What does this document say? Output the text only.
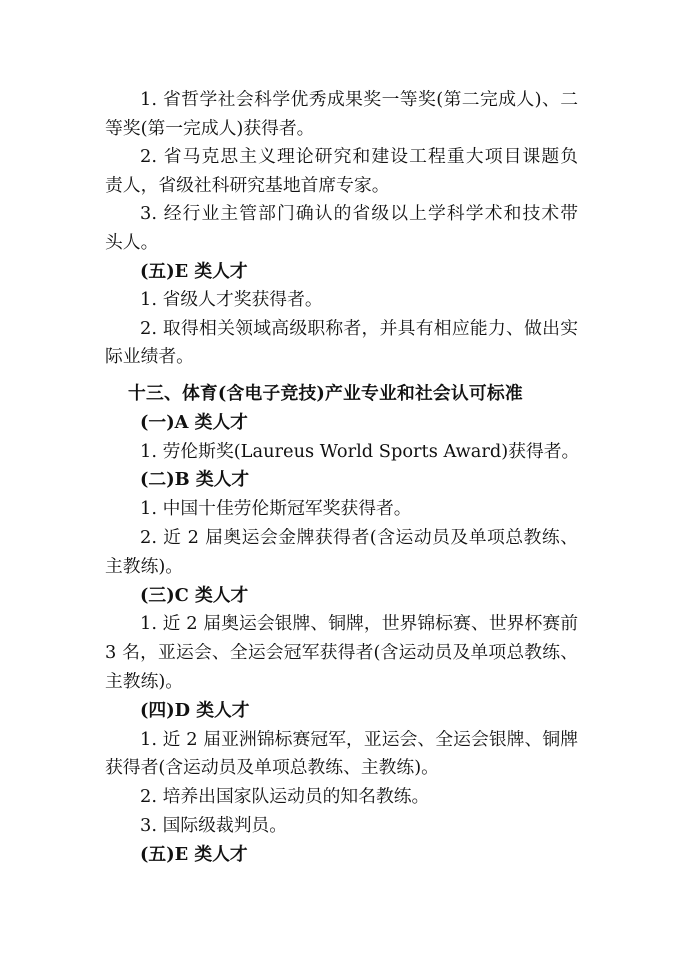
1. 省哲学社会科学优秀成果奖一等奖(第二完成人)、二
等奖(第一完成人)获得者。
2. 省马克思主义理论研究和建设工程重大项目课题负
责人，省级社科研究基地首席专家。
3. 经行业主管部门确认的省级以上学科学术和技术带
头人。
(五)E 类人才
1. 省级人才奖获得者。
2. 取得相关领域高级职称者，并具有相应能力、做出实
际业绩者。
十三、体育(含电子竞技)产业专业和社会认可标准
(一)A 类人才
1. 劳伦斯奖(Laureus World Sports Award)获得者。
(二)B 类人才
1. 中国十佳劳伦斯冠军奖获得者。
2. 近 2 届奥运会金牌获得者(含运动员及单项总教练、
主教练)。
(三)C 类人才
1. 近 2 届奥运会银牌、铜牌，世界锦标赛、世界杯赛前
3 名，亚运会、全运会冠军获得者(含运动员及单项总教练、
主教练)。
(四)D 类人才
1. 近 2 届亚洲锦标赛冠军，亚运会、全运会银牌、铜牌
获得者(含运动员及单项总教练、主教练)。
2. 培养出国家队运动员的知名教练。
3. 国际级裁判员。
(五)E 类人才
